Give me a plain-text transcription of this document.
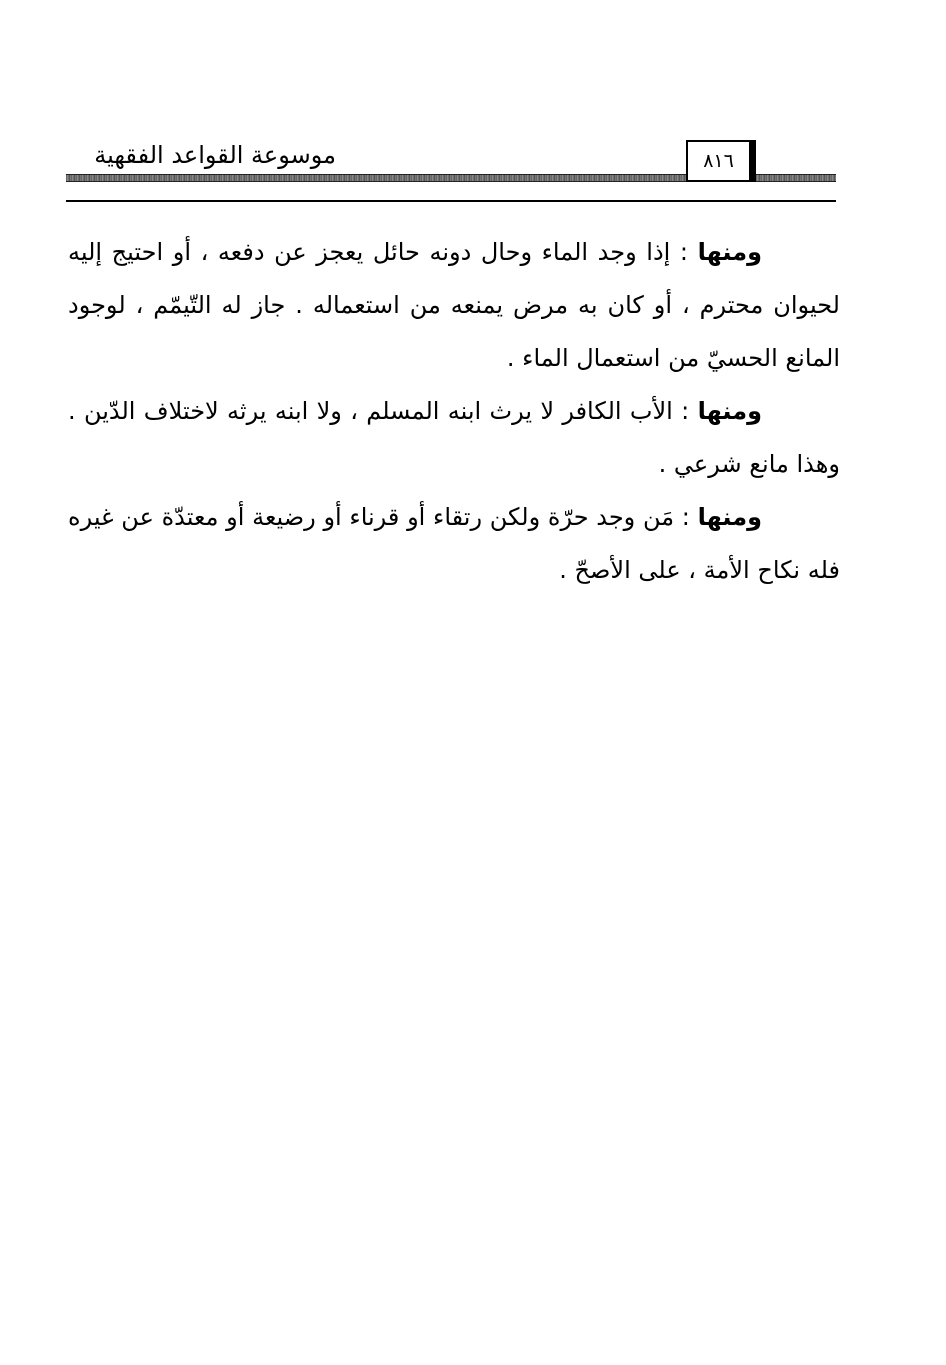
موسوعة القواعد الفقهية	٨١٦

ومنها : إذا وجد الماء وحال دونه حائل يعجز عن دفعه ، أو احتيج إليه لحيوان محترم ، أو كان به مرض يمنعه من استعماله . جاز له التّيمّم ، لوجود المانع الحسيّ من استعمال الماء .

ومنها : الأب الكافر لا يرث ابنه المسلم ، ولا ابنه يرثه لاختلاف الدّين . وهذا مانع شرعي .

ومنها : مَن وجد حرّة ولكن رتقاء أو قرناء أو رضيعة أو معتدّة عن غيره فله نكاح الأمة ، على الأصحّ .
